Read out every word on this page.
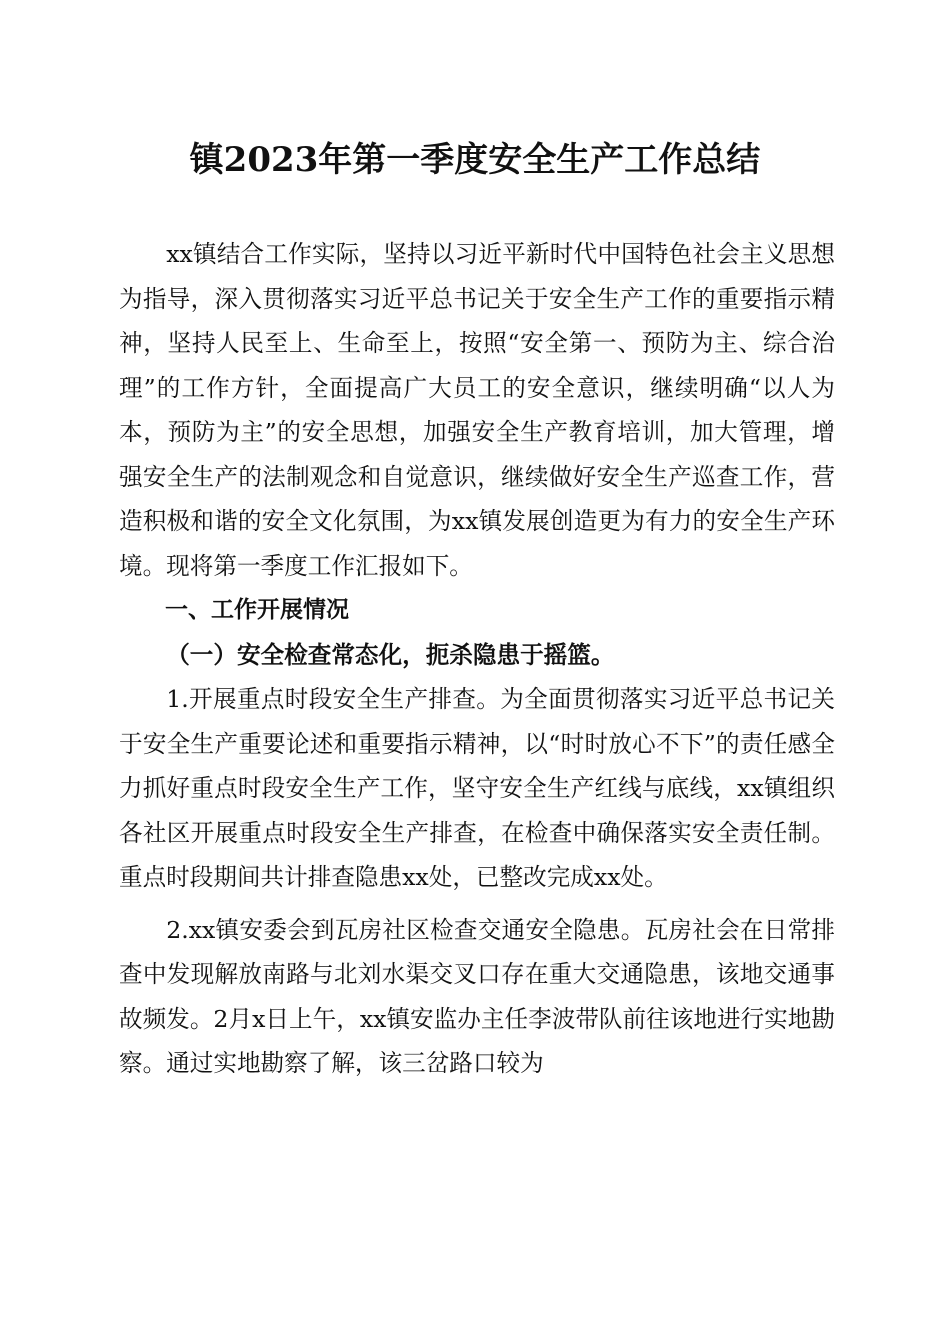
镇2023年第一季度安全生产工作总结

xx镇结合工作实际，坚持以习近平新时代中国特色社会主义思想为指导，深入贯彻落实习近平总书记关于安全生产工作的重要指示精神，坚持人民至上、生命至上，按照“安全第一、预防为主、综合治理”的工作方针，全面提高广大员工的安全意识，继续明确“以人为本，预防为主”的安全思想，加强安全生产教育培训，加大管理，增强安全生产的法制观念和自觉意识，继续做好安全生产巡查工作，营造积极和谐的安全文化氛围，为xx镇发展创造更为有力的安全生产环境。现将第一季度工作汇报如下。

一、工作开展情况

（一）安全检查常态化，扼杀隐患于摇篮。

1.开展重点时段安全生产排查。为全面贯彻落实习近平总书记关于安全生产重要论述和重要指示精神，以“时时放心不下”的责任感全力抓好重点时段安全生产工作，坚守安全生产红线与底线，xx镇组织各社区开展重点时段安全生产排查，在检查中确保落实安全责任制。重点时段期间共计排查隐患xx处，已整改完成xx处。

2.xx镇安委会到瓦房社区检查交通安全隐患。瓦房社会在日常排查中发现解放南路与北刘水渠交叉口存在重大交通隐患，该地交通事故频发。2月x日上午，xx镇安监办主任李波带队前往该地进行实地勘察。通过实地勘察了解，该三岔路口较为
